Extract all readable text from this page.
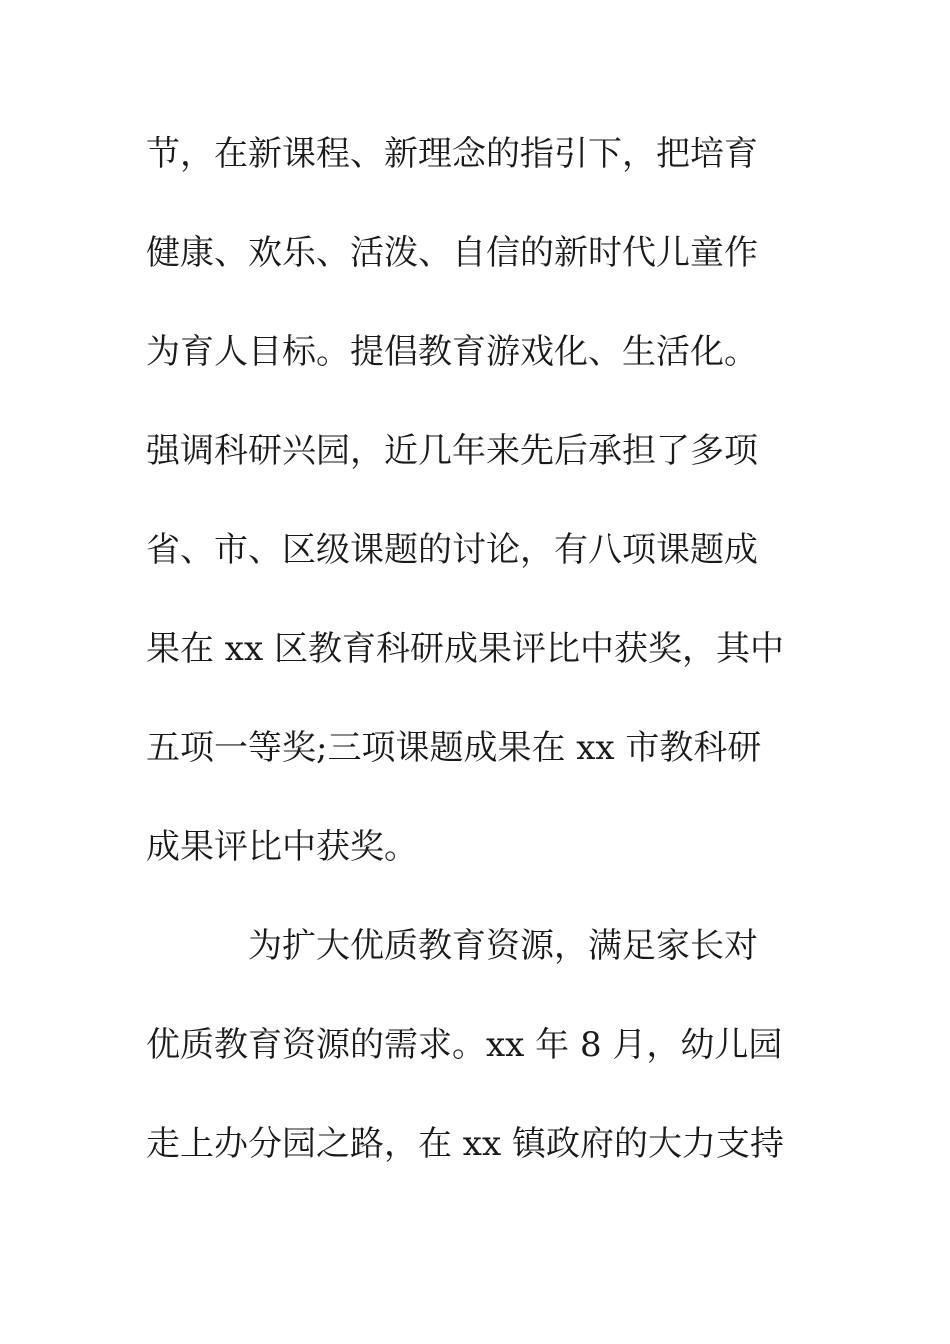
节，在新课程、新理念的指引下，把培育
健康、欢乐、活泼、自信的新时代儿童作
为育人目标。提倡教育游戏化、生活化。
强调科研兴园，近几年来先后承担了多项
省、市、区级课题的讨论，有八项课题成
果在 xx 区教育科研成果评比中获奖，其中
五项一等奖;三项课题成果在 xx 市教科研
成果评比中获奖。
为扩大优质教育资源，满足家长对
优质教育资源的需求。xx 年 8 月，幼儿园
走上办分园之路，在 xx 镇政府的大力支持
